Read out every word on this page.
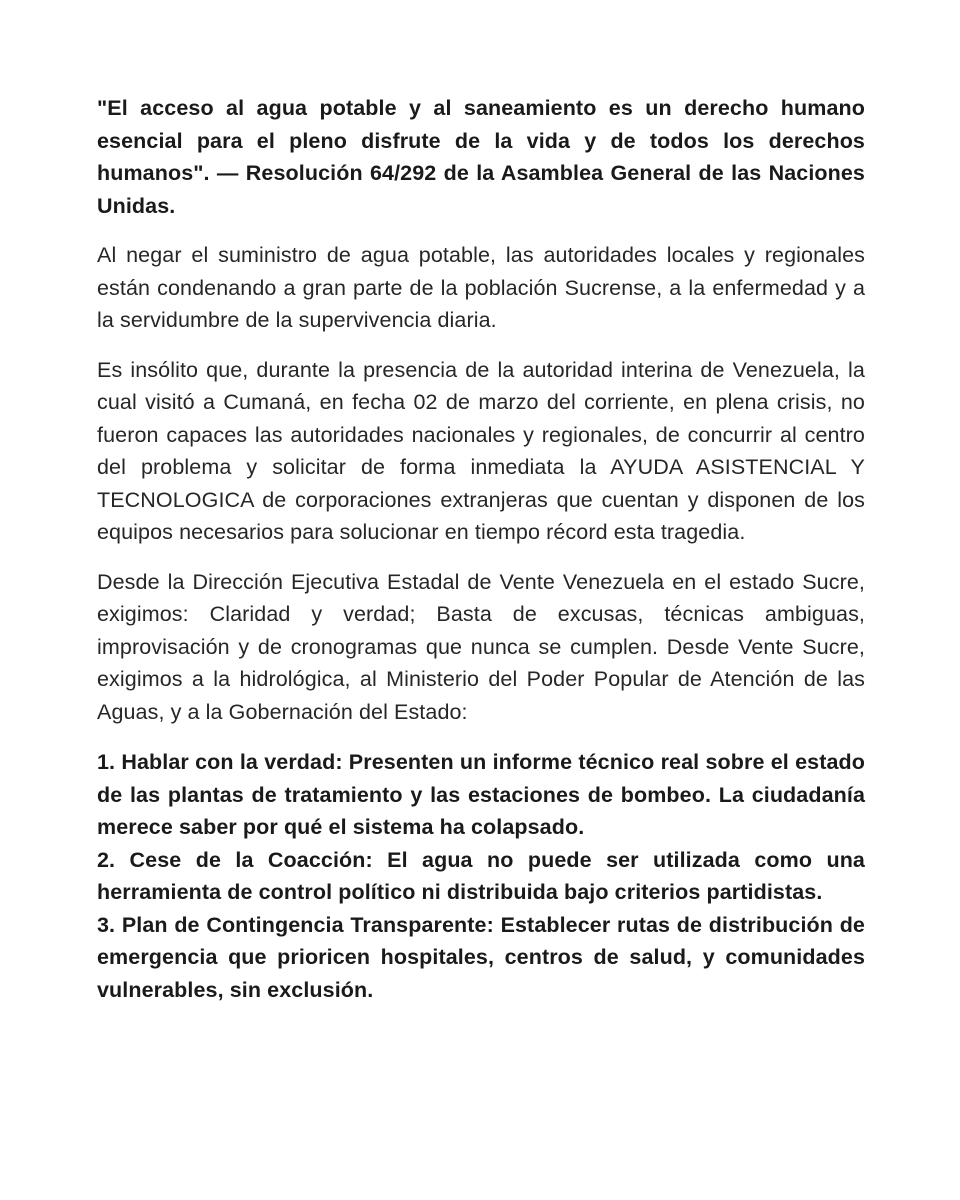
"El acceso al agua potable y al saneamiento es un derecho humano esencial para el pleno disfrute de la vida y de todos los derechos humanos". — Resolución 64/292 de la Asamblea General de las Naciones Unidas.

Al negar el suministro de agua potable, las autoridades locales y regionales están condenando a gran parte de la población Sucrense, a la enfermedad y a la servidumbre de la supervivencia diaria.

Es insólito que, durante la presencia de la autoridad interina de Venezuela, la cual visitó a Cumaná, en fecha 02 de marzo del corriente, en plena crisis, no fueron capaces las autoridades nacionales y regionales, de concurrir al centro del problema y solicitar de forma inmediata la AYUDA ASISTENCIAL Y TECNOLOGICA de corporaciones extranjeras que cuentan y disponen de los equipos necesarios para solucionar en tiempo récord esta tragedia.

Desde la Dirección Ejecutiva Estadal de Vente Venezuela en el estado Sucre, exigimos: Claridad y verdad; Basta de excusas, técnicas ambiguas, improvisación y de cronogramas que nunca se cumplen. Desde Vente Sucre, exigimos a la hidrológica, al Ministerio del Poder Popular de Atención de las Aguas, y a la Gobernación del Estado:

1. Hablar con la verdad: Presenten un informe técnico real sobre el estado de las plantas de tratamiento y las estaciones de bombeo. La ciudadanía merece saber por qué el sistema ha colapsado.

2. Cese de la Coacción: El agua no puede ser utilizada como una herramienta de control político ni distribuida bajo criterios partidistas.

3. Plan de Contingencia Transparente: Establecer rutas de distribución de emergencia que prioricen hospitales, centros de salud, y comunidades vulnerables, sin exclusión.
